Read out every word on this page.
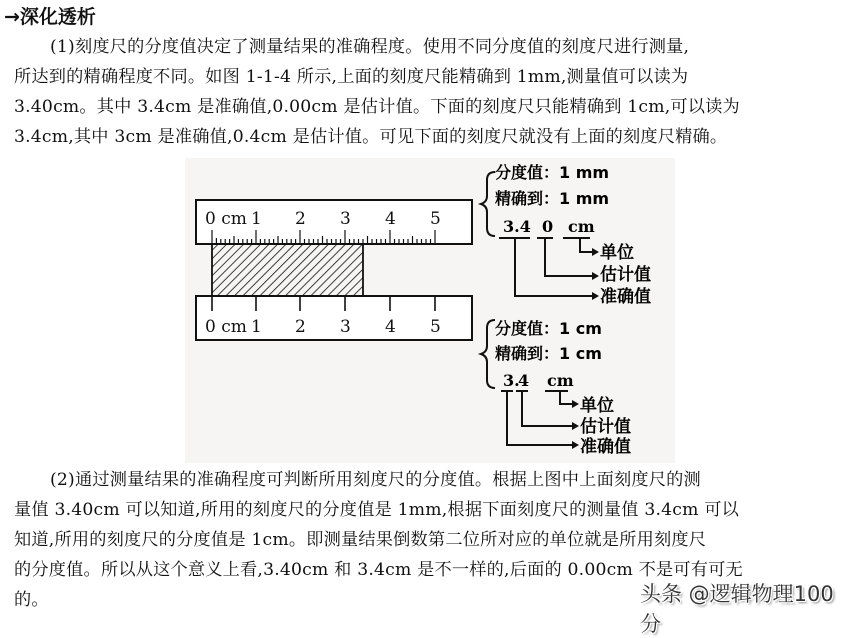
→深化透析
(1)刻度尺的分度值决定了测量结果的准确程度。使用不同分度值的刻度尺进行测量,
所达到的精确程度不同。如图 1-1-4 所示,上面的刻度尺能精确到 1mm,测量值可以读为
3.40cm。其中 3.4cm 是准确值,0.00cm 是估计值。下面的刻度尺只能精确到 1cm,可以读为
3.4cm,其中 3cm 是准确值,0.4cm 是估计值。可见下面的刻度尺就没有上面的刻度尺精确。
0 cm 1 2 3 4 5
0 cm 1 2 3 4 5
分度值：1 mm
精确到：1 mm
3.4 0 cm
单位
估计值
准确值
分度值：1 cm
精确到：1 cm
3.
4 cm
单位
估计值
准确值
(2)通过测量结果的准确程度可判断所用刻度尺的分度值。根据上图中上面刻度尺的测
量值 3.40cm 可以知道,所用的刻度尺的分度值是 1mm,根据下面刻度尺的测量值 3.4cm 可以
知道,所用的刻度尺的分度值是 1cm。即测量结果倒数第二位所对应的单位就是所用刻度尺
的分度值。所以从这个意义上看,3.40cm 和 3.4cm 是不一样的,后面的 0.00cm 不是可有可无
的。	头条 @逻辑物理100分
